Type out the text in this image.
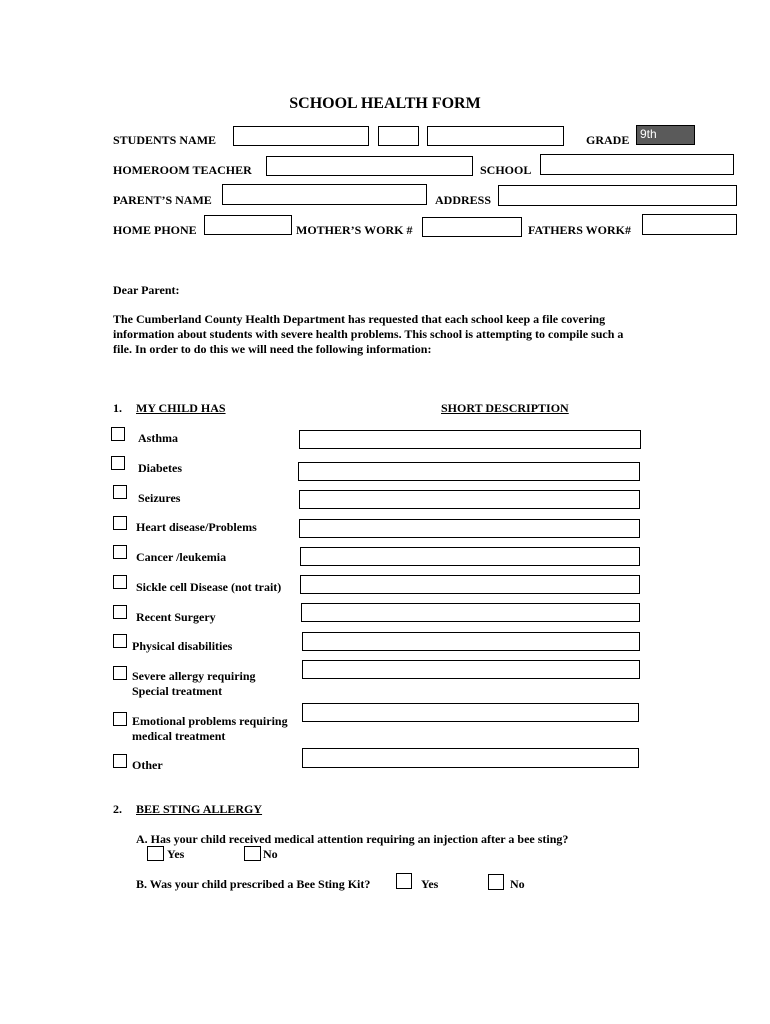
SCHOOL HEALTH FORM
STUDENTS NAME	GRADE 9th
HOMEROOM TEACHER	SCHOOL
PARENT’S NAME	ADDRESS
HOME PHONE	MOTHER’S WORK #	FATHERS WORK#
Dear Parent:
The Cumberland County Health Department has requested that each school keep a file covering
information about students with severe health problems. This school is attempting to compile such a
file. In order to do this we will need the following information:
1. MY CHILD HAS	SHORT DESCRIPTION
Asthma
Diabetes
Seizures
Heart disease/Problems
Cancer /leukemia
Sickle cell Disease (not trait)
Recent Surgery
Physical disabilities
Severe allergy requiring
Special treatment
Emotional problems requiring
medical treatment
Other
2. BEE STING ALLERGY
A. Has your child received medical attention requiring an injection after a bee sting?
Yes	No
B. Was your child prescribed a Bee Sting Kit?	Yes	No
